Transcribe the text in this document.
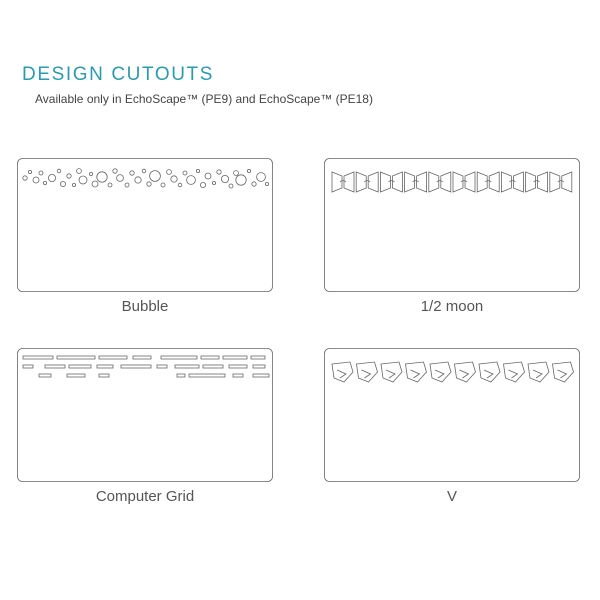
DESIGN CUTOUTS
Available only in EchoScape™ (PE9) and EchoScape™ (PE18)
Bubble	1/2 moon
Computer Grid	V
